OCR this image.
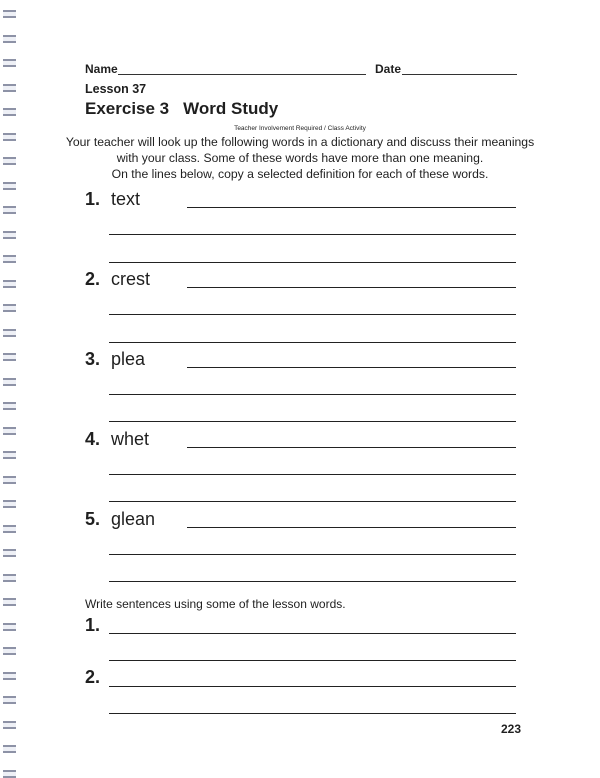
Name	Date
Lesson 37
Exercise 3 Word Study
Teacher Involvement Required / Class Activity
Your teacher will look up the following words in a dictionary and discuss their meanings
with your class. Some of these words have more than one meaning.
On the lines below, copy a selected definition for each of these words.
1. text
2. crest
3. plea
4. whet
5. glean
Write sentences using some of the lesson words.
1.
2.
223
